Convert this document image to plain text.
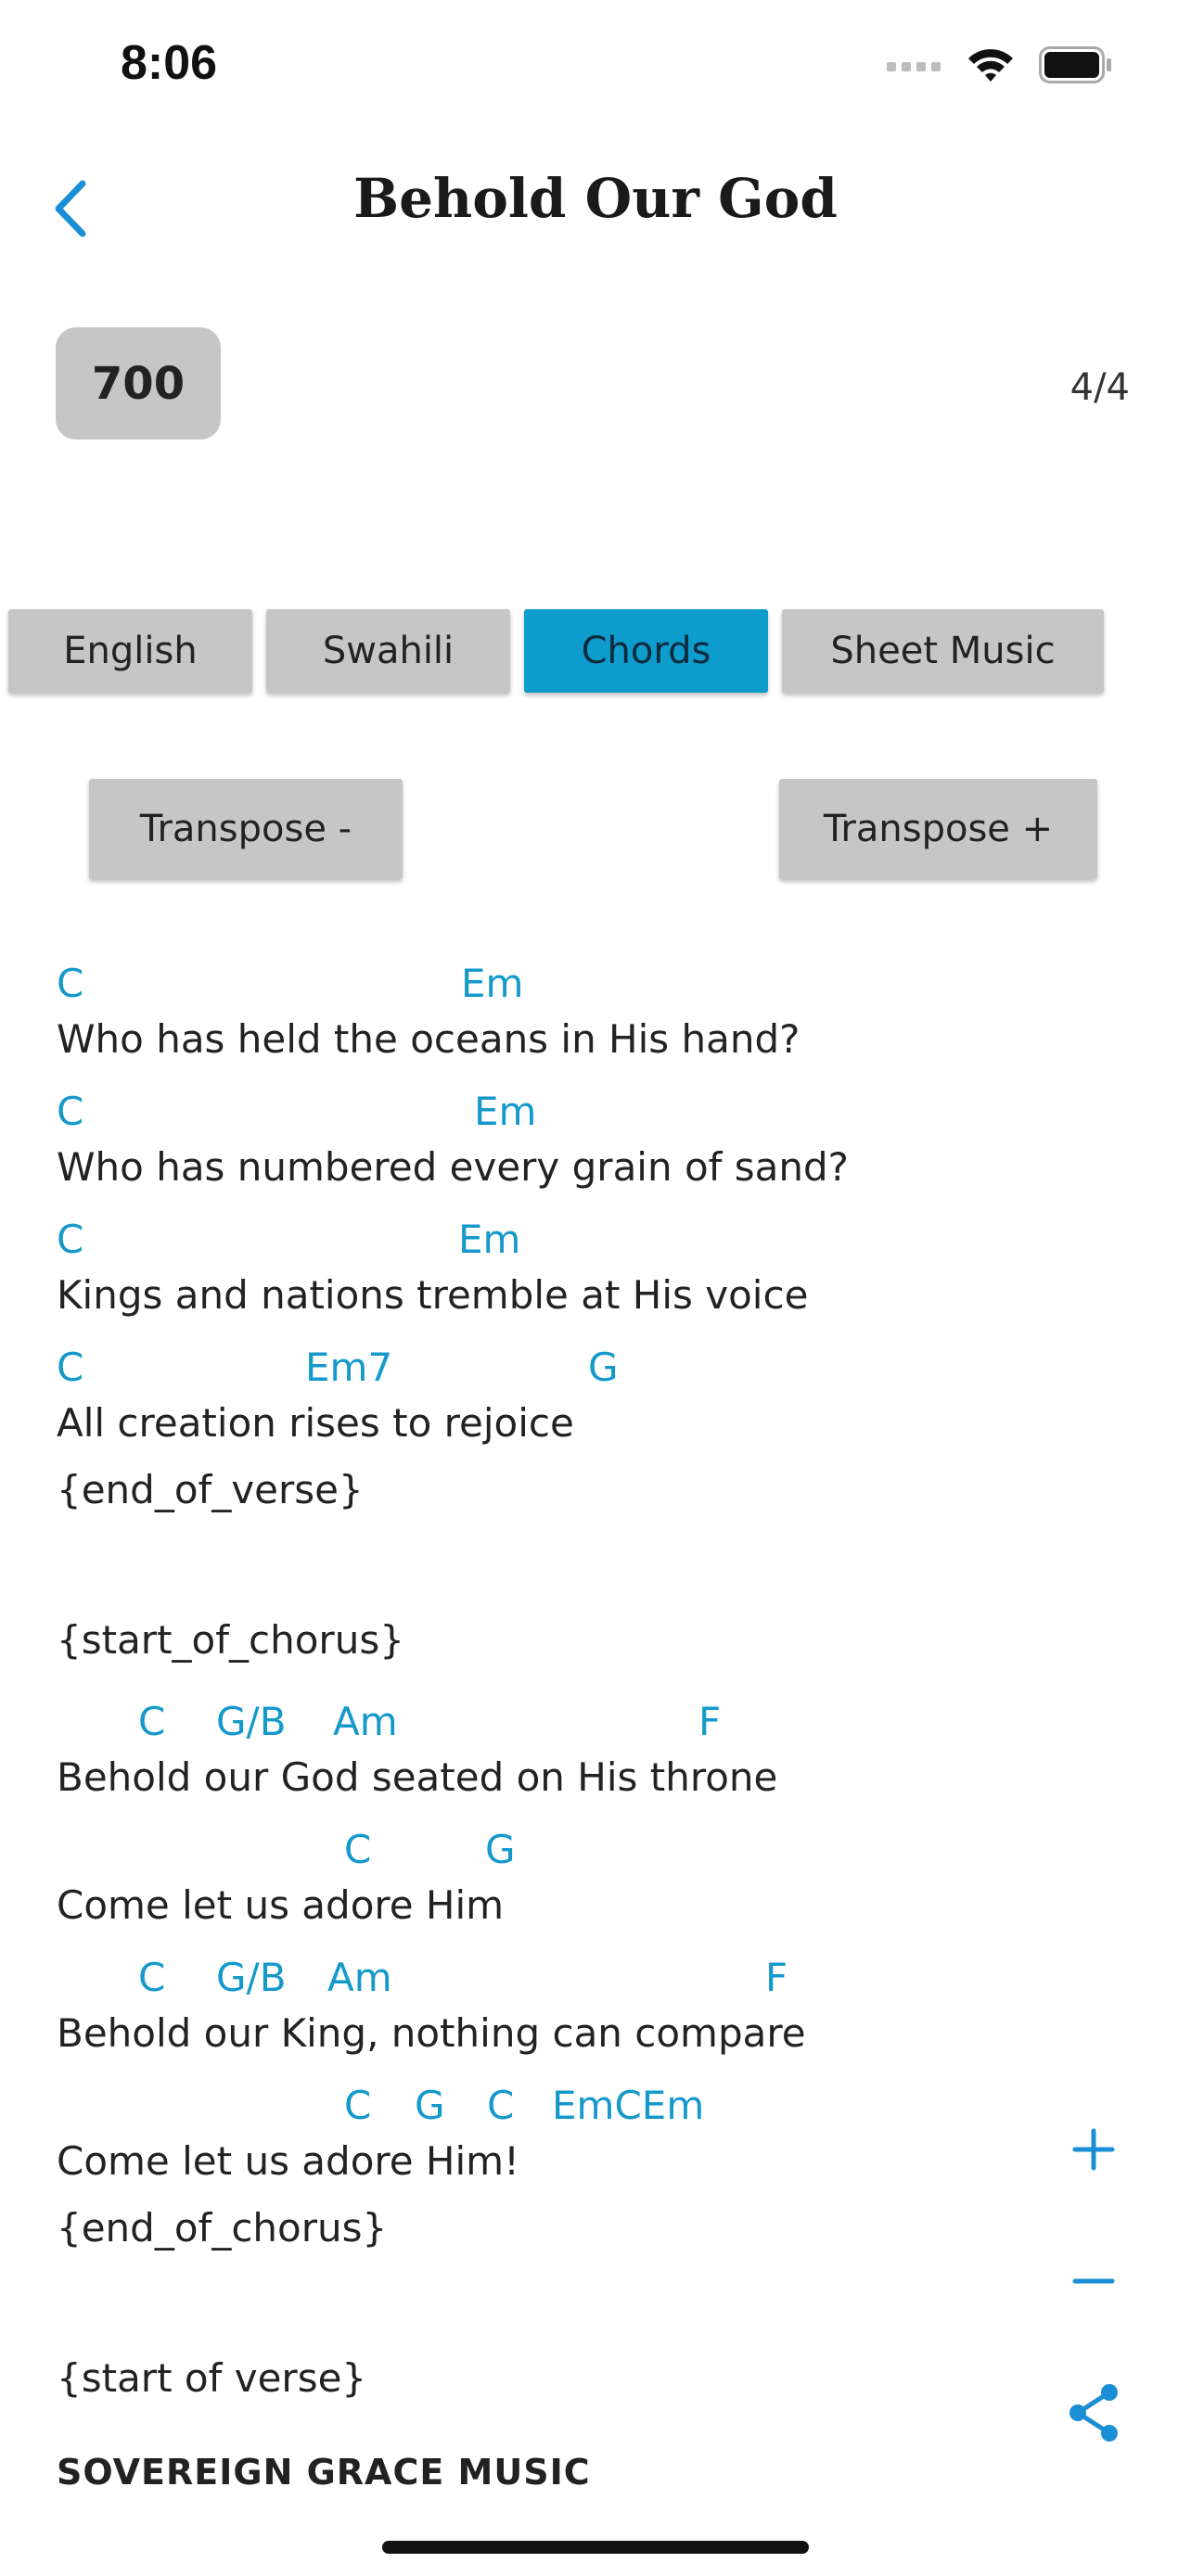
8:06
Behold Our God
700	4/4
English	Swahili	Chords	Sheet Music
Transpose -	Transpose +
C	Em
Who has held the oceans in His hand?
C	Em
Who has numbered every grain of sand?
C	Em
Kings and nations tremble at His voice
C	Em7	G
All creation rises to rejoice
{end_of_verse}
{start_of_chorus}
C G/B Am	F
Behold our God seated on His throne
C	G
Come let us adore Him
C G/B Am	F
Behold our King, nothing can compare
C G C EmCEm
Come let us adore Him!
{end_of_chorus}
{start of verse}
SOVEREIGN GRACE MUSIC
